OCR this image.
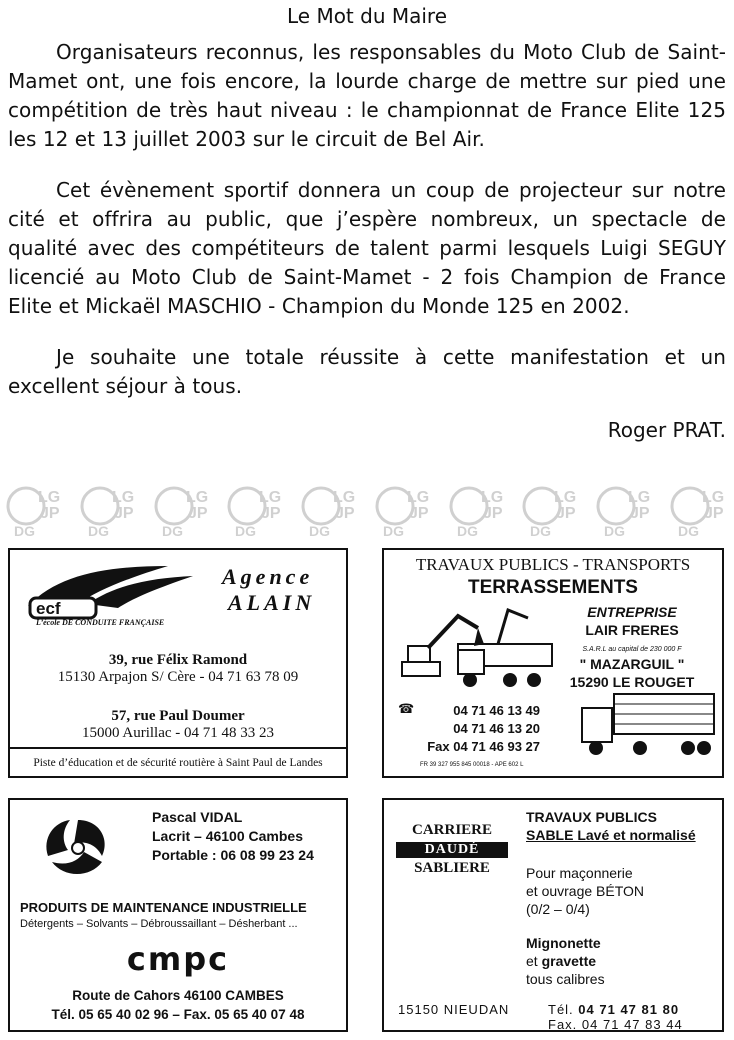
Le Mot du Maire

Organisateurs reconnus, les responsables du Moto Club de Saint-Mamet ont, une fois encore, la lourde charge de mettre sur pied une compétition de très haut niveau : le championnat de France Elite 125 les 12 et 13 juillet 2003 sur le circuit de Bel Air.

Cet évènement sportif donnera un coup de projecteur sur notre cité et offrira au public, que j’espère nombreux, un spectacle de qualité avec des compétiteurs de talent parmi lesquels Luigi SEGUY licencié au Moto Club de Saint-Mamet - 2 fois Champion de France Elite et Mickaël MASCHIO - Champion du Monde 125 en 2002.

Je souhaite une totale réussite à cette manifestation et un excellent séjour à tous.

Roger PRAT.
LG
JP
DG
LG
JP
DG
LG
JP
DG
LG
JP
DG
LG
JP
DG
LG
JP
DG
LG
JP
DG
LG
JP
DG
LG
JP
DG
LG
JP
DG
ecf
L’école DE CONDUITE FRANÇAISE
Agence
ALAIN
39, rue Félix Ramond
15130 Arpajon S/ Cère - 04 71 63 78 09
57, rue Paul Doumer
15000 Aurillac - 04 71 48 33 23
Piste d’éducation et de sécurité routière à Saint Paul de Landes
TRAVAUX PUBLICS - TRANSPORTS
TERRASSEMENTS
ENTREPRISE
LAIR FRERES
S.A.R.L au capital de 230 000 F
" MAZARGUIL "
15290 LE ROUGET
☎	04 71 46 13 49
04 71 46 13 20
Fax 04 71 46 93 27
FR 39 327 955 845 00018 - APE 602 L
Pascal VIDAL
Lacrit – 46100 Cambes
Portable : 06 08 99 23 24
PRODUITS DE MAINTENANCE INDUSTRIELLE
Détergents – Solvants – Débroussaillant – Désherbant ...
cmpc
Route de Cahors 46100 CAMBES
Tél. 05 65 40 02 96 – Fax. 05 65 40 07 48
CARRIERE
DAUDÉ
SABLIERE
TRAVAUX PUBLICS
SABLE Lavé et normalisé
Pour maçonnerie
et ouvrage BÉTON
(0/2 – 0/4)
Mignonette
et gravette
tous calibres
15150 NIEUDAN	Tél. 04 71 47 81 80
Fax. 04 71 47 83 44
